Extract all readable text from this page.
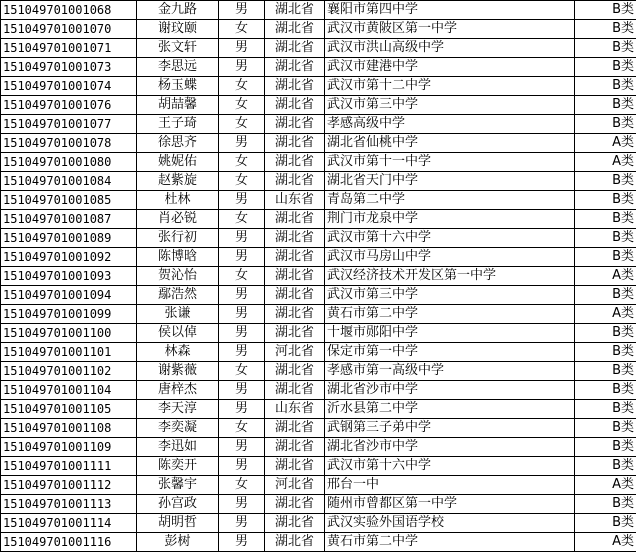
151049701001068	金九路	男	湖北省	襄阳市第四中学	B类
151049701001070	谢玟颐	女	湖北省	武汉市黄陂区第一中学	B类
151049701001071	张文轩	男	湖北省	武汉市洪山高级中学	B类
151049701001073	李思远	男	湖北省	武汉市建港中学	B类
151049701001074	杨玉蝶	女	湖北省	武汉市第十二中学	B类
151049701001076	胡喆馨	女	湖北省	武汉市第三中学	B类
151049701001077	王子琦	女	湖北省	孝感高级中学	B类
151049701001078	徐思齐	男	湖北省	湖北省仙桃中学	A类
151049701001080	姚妮佑	女	湖北省	武汉市第十一中学	A类
151049701001084	赵紫旋	女	湖北省	湖北省天门中学	B类
151049701001085	杜林	男	山东省	青岛第二中学	B类
151049701001087	肖必锐	女	湖北省	荆门市龙泉中学	B类
151049701001089	张行初	男	湖北省	武汉市第十六中学	B类
151049701001092	陈博晗	男	湖北省	武汉市马房山中学	B类
151049701001093	贺沁怡	女	湖北省	武汉经济技术开发区第一中学	A类
151049701001094	鄢浩然	男	湖北省	武汉市第三中学	B类
151049701001099	张谦	男	湖北省	黄石市第二中学	A类
151049701001100	侯以倬	男	湖北省	十堰市郧阳中学	B类
151049701001101	林森	男	河北省	保定市第一中学	B类
151049701001102	谢紫薇	女	湖北省	孝感市第一高级中学	B类
151049701001104	唐梓杰	男	湖北省	湖北省沙市中学	B类
151049701001105	李天淳	男	山东省	沂水县第二中学	B类
151049701001108	李奕凝	女	湖北省	武钢第三子弟中学	B类
151049701001109	李迅如	男	湖北省	湖北省沙市中学	B类
151049701001111	陈奕开	男	湖北省	武汉市第十六中学	B类
151049701001112	张馨宇	女	河北省	邢台一中	A类
151049701001113	孙宫政	男	湖北省	随州市曾都区第一中学	B类
151049701001114	胡明哲	男	湖北省	武汉实验外国语学校	B类
151049701001116	彭树	男	湖北省	黄石市第二中学	A类
